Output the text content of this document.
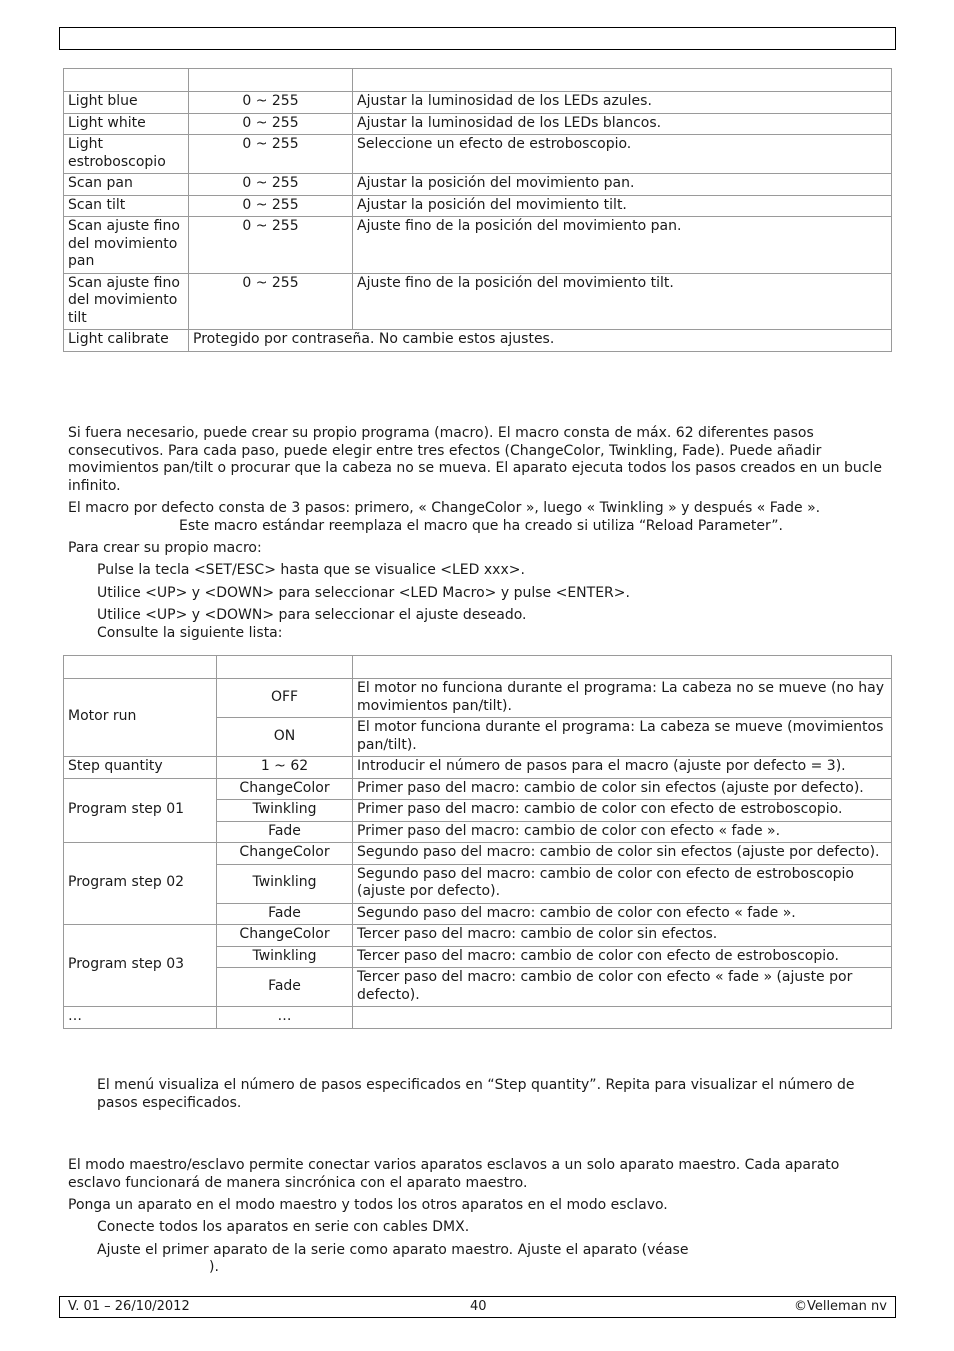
Light blue	0 ~ 255	Ajustar la luminosidad de los LEDs azules.
Light white	0 ~ 255	Ajustar la luminosidad de los LEDs blancos.
Light estroboscopio	0 ~ 255	Seleccione un efecto de estroboscopio.
Scan pan	0 ~ 255	Ajustar la posición del movimiento pan.
Scan tilt	0 ~ 255	Ajustar la posición del movimiento tilt.
Scan ajuste fino del movimiento pan	0 ~ 255	Ajuste fino de la posición del movimiento pan.
Scan ajuste fino del movimiento tilt	0 ~ 255	Ajuste fino de la posición del movimiento tilt.
Light calibrate	Protegido por contraseña. No cambie estos ajustes.	

Si fuera necesario, puede crear su propio programa (macro). El macro consta de máx. 62 diferentes pasos consecutivos. Para cada paso, puede elegir entre tres efectos (ChangeColor, Twinkling, Fade). Puede añadir movimientos pan/tilt o procurar que la cabeza no se mueva. El aparato ejecuta todos los pasos creados en un bucle infinito.

El macro por defecto consta de 3 pasos: primero, « ChangeColor », luego « Twinkling » y después « Fade ».

Este macro estándar reemplaza el macro que ha creado si utiliza “Reload Parameter”.

Para crear su propio macro:

Pulse la tecla <SET/ESC> hasta que se visualice <LED xxx>.

Utilice <UP> y <DOWN> para seleccionar <LED Macro> y pulse <ENTER>.

Utilice <UP> y <DOWN> para seleccionar el ajuste deseado.

Consulte la siguiente lista:

Motor run	OFF	El motor no funciona durante el programa: La cabeza no se mueve (no hay movimientos pan/tilt).
	ON	El motor funciona durante el programa: La cabeza se mueve (movimientos pan/tilt).
Step quantity	1 ~ 62	Introducir el número de pasos para el macro (ajuste por defecto = 3).
Program step 01	ChangeColor	Primer paso del macro: cambio de color sin efectos (ajuste por defecto).
	Twinkling	Primer paso del macro: cambio de color con efecto de estroboscopio.
	Fade	Primer paso del macro: cambio de color con efecto « fade ».
Program step 02	ChangeColor	Segundo paso del macro: cambio de color sin efectos (ajuste por defecto).
	Twinkling	Segundo paso del macro: cambio de color con efecto de estroboscopio (ajuste por defecto).
	Fade	Segundo paso del macro: cambio de color con efecto « fade ».
Program step 03	ChangeColor	Tercer paso del macro: cambio de color sin efectos.
	Twinkling	Tercer paso del macro: cambio de color con efecto de estroboscopio.
	Fade	Tercer paso del macro: cambio de color con efecto « fade » (ajuste por defecto).
…	…	

El menú visualiza el número de pasos especificados en “Step quantity”. Repita para visualizar el número de pasos especificados.

El modo maestro/esclavo permite conectar varios aparatos esclavos a un solo aparato maestro. Cada aparato esclavo funcionará de manera sincrónica con el aparato maestro.

Ponga un aparato en el modo maestro y todos los otros aparatos en el modo esclavo.

Conecte todos los aparatos en serie con cables DMX.

Ajuste el primer aparato de la serie como aparato maestro. Ajuste el aparato (véase

).

V. 01 – 26/10/2012	40	©Velleman nv
